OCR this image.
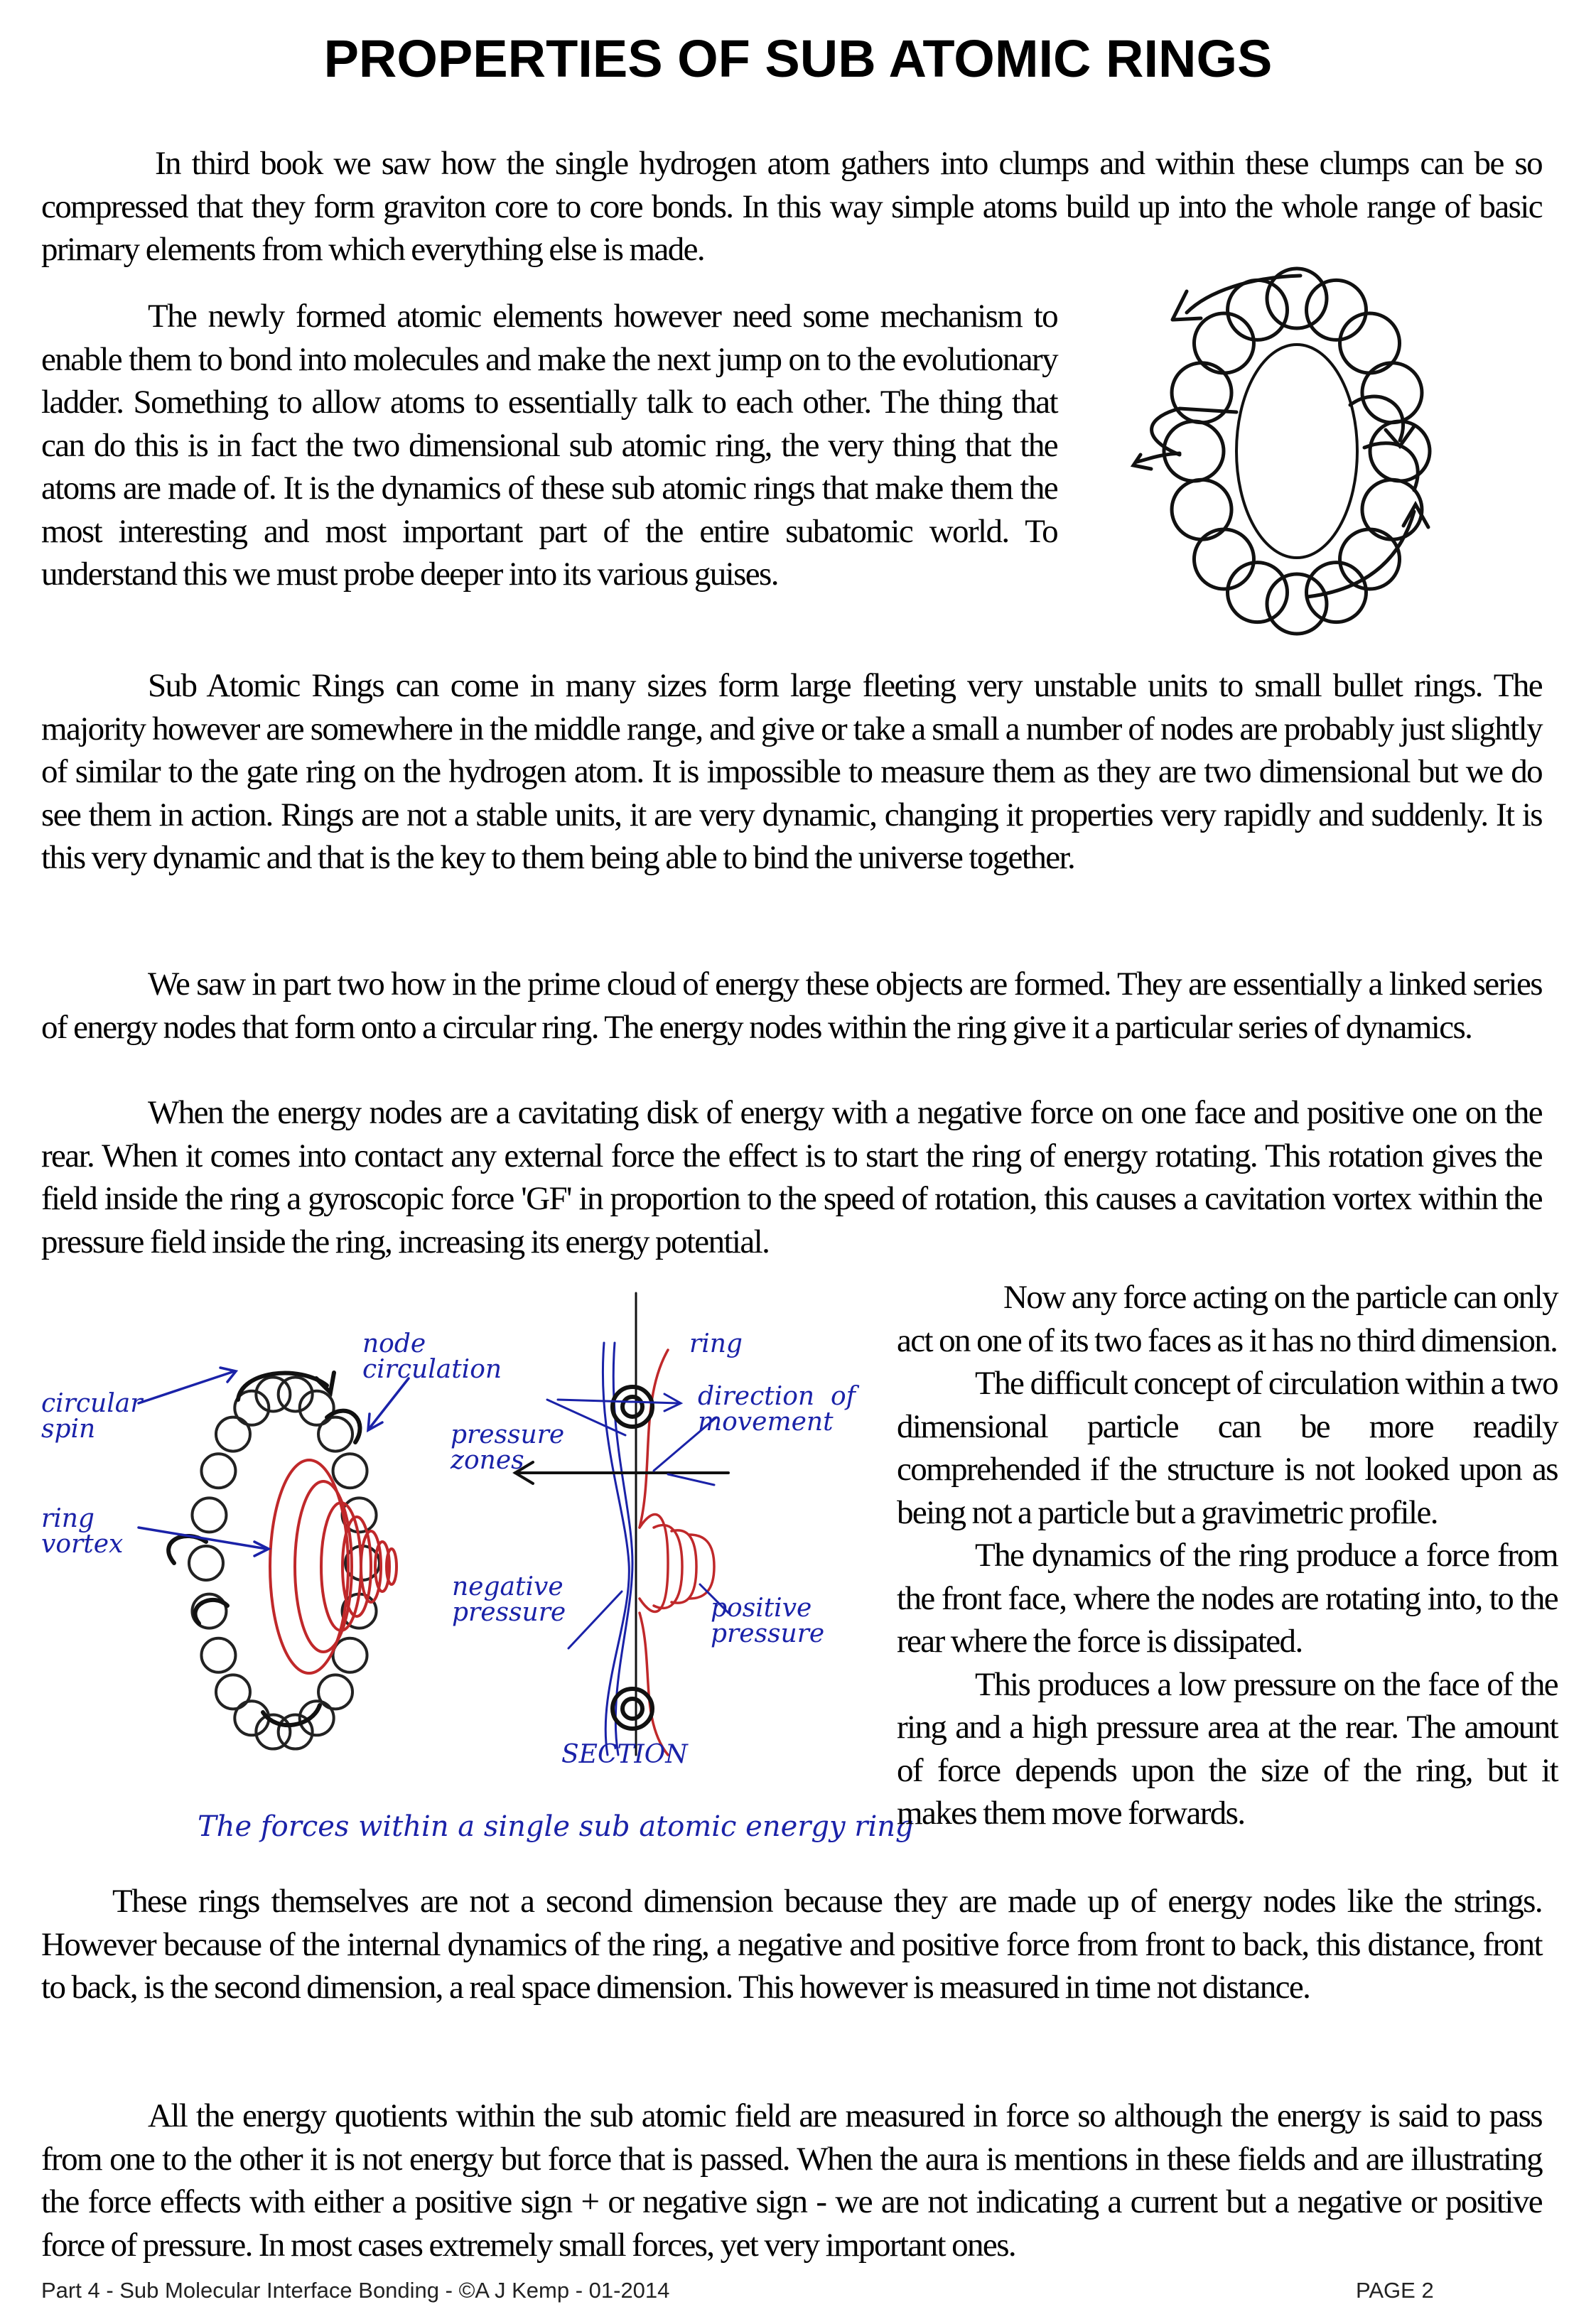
PROPERTIES OF SUB ATOMIC RINGS

In third book we saw how the single hydrogen atom gathers into clumps and within these clumps can be so compressed that they form graviton core to core bonds. In this way simple atoms build up into the whole range of basic primary elements from which everything else is made.

The newly formed atomic elements however need some mechanism to enable them to bond into molecules and make the next jump on to the evolutionary ladder. Something to allow atoms to essentially talk to each other. The thing that can do this is in fact the two dimensional sub atomic ring, the very thing that the atoms are made of. It is the dynamics of these sub atomic rings that make them the most interesting and most important part of the entire subatomic world. To understand this we must probe deeper into its various guises.

Sub Atomic Rings can come in many sizes form large fleeting very unstable units to small bullet rings. The majority however are somewhere in the middle range, and give or take a small a number of nodes are probably just slightly of similar to the gate ring on the hydrogen atom. It is impossible to measure them as they are two dimensional but we do see them in action. Rings are not a stable units, it are very dynamic, changing it properties very rapidly and suddenly. It is this very dynamic and that is the key to them being able to bind the universe together.

We saw in part two how in the prime cloud of energy these objects are formed. They are essentially a linked series of energy nodes that form onto a circular ring. The energy nodes within the ring give it a particular series of dynamics.

When the energy nodes are a cavitating disk of energy with a negative force on one face and positive one on the rear. When it comes into contact any external force the effect is to start the ring of energy rotating. This rotation gives the field inside the ring a gyroscopic force 'GF' in proportion to the speed of rotation, this causes a cavitation vortex within the pressure field inside the ring, increasing its energy potential.

node
circulation
circular
spin
ring
vortex
ring
direction  of
movement
pressure
zones
negative
pressure	positive
pressure
SECTION
The forces within a single sub atomic energy ring

Now any force acting on the particle can only act on one of its two faces as it has no third dimension.

The difficult concept of circulation within a two dimensional particle can be more readily comprehended if the structure is not looked upon as being not a particle but a gravimetric profile.

The dynamics of the ring produce a force from the front face, where the nodes are rotating into, to the rear where the force is dissipated.

This produces a low pressure on the face of the ring and a high pressure area at the rear. The amount of force depends upon the size of the ring, but it makes them move forwards.

These rings themselves are not a second dimension because they are made up of energy nodes like the strings. However because of the internal dynamics of the ring, a negative and positive force from front to back, this distance, front to back, is the second dimension, a real space dimension. This however is measured in time not distance.

All the energy quotients within the sub atomic field are measured in force so although the energy is said to pass from one to the other it is not energy but force that is passed. When the aura is mentions in these fields and are illustrating the force effects with either a positive sign + or negative sign - we are not indicating a current but a negative or positive force of pressure. In most cases extremely small forces, yet very important ones.

Part 4 - Sub Molecular Interface Bonding - ©A J Kemp - 01-2014	PAGE 2
